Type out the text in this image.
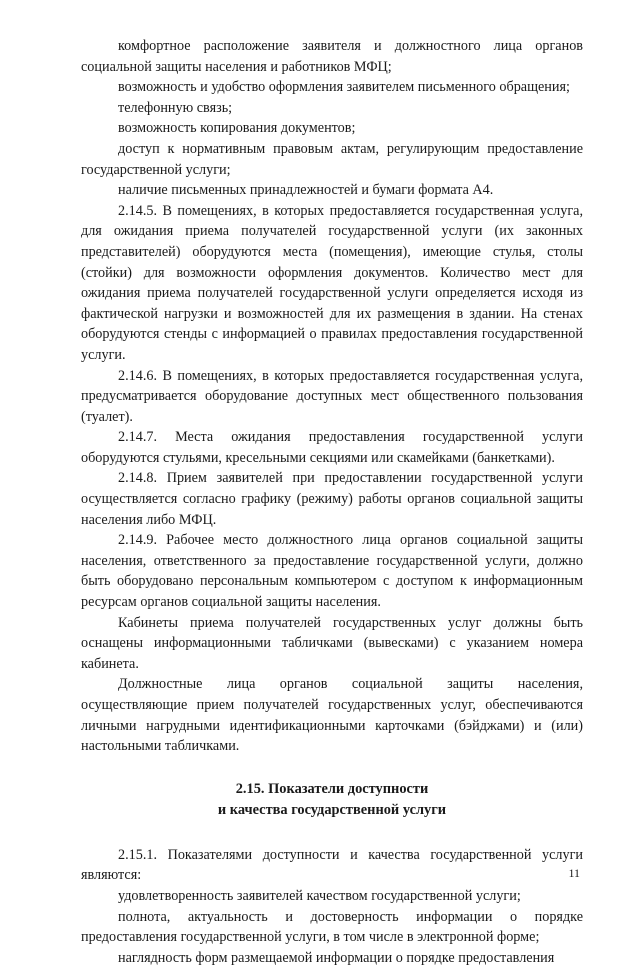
комфортное расположение заявителя и должностного лица органов социальной защиты населения и работников МФЦ;

возможность и удобство оформления заявителем письменного обращения;

телефонную связь;

возможность копирования документов;

доступ к нормативным правовым актам, регулирующим предоставление государственной услуги;

наличие письменных принадлежностей и бумаги формата А4.

2.14.5. В помещениях, в которых предоставляется государственная услуга, для ожидания приема получателей государственной услуги (их законных представителей) оборудуются места (помещения), имеющие стулья, столы (стойки) для возможности оформления документов. Количество мест для ожидания приема получателей государственной услуги определяется исходя из фактической нагрузки и возможностей для их размещения в здании. На стенах оборудуются стенды с информацией о правилах предоставления государственной услуги.

2.14.6. В помещениях, в которых предоставляется государственная услуга, предусматривается оборудование доступных мест общественного пользования (туалет).

2.14.7. Места ожидания предоставления государственной услуги оборудуются стульями, кресельными секциями или скамейками (банкетками).

2.14.8. Прием заявителей при предоставлении государственной услуги осуществляется согласно графику (режиму) работы органов социальной защиты населения либо МФЦ.

2.14.9. Рабочее место должностного лица органов социальной защиты населения, ответственного за предоставление государственной услуги, должно быть оборудовано персональным компьютером с доступом к информационным ресурсам органов социальной защиты населения.

Кабинеты приема получателей государственных услуг должны быть оснащены информационными табличками (вывесками) с указанием номера кабинета.

Должностные лица органов социальной защиты населения, осуществляющие прием получателей государственных услуг, обеспечиваются личными нагрудными идентификационными карточками (бэйджами) и (или) настольными табличками.

2.15. Показатели доступности
и качества государственной услуги

2.15.1. Показателями доступности и качества государственной услуги являются:

удовлетворенность заявителей качеством государственной услуги;

полнота, актуальность и достоверность информации о порядке предоставления государственной услуги, в том числе в электронной форме;

наглядность форм размещаемой информации о порядке предоставления

11
